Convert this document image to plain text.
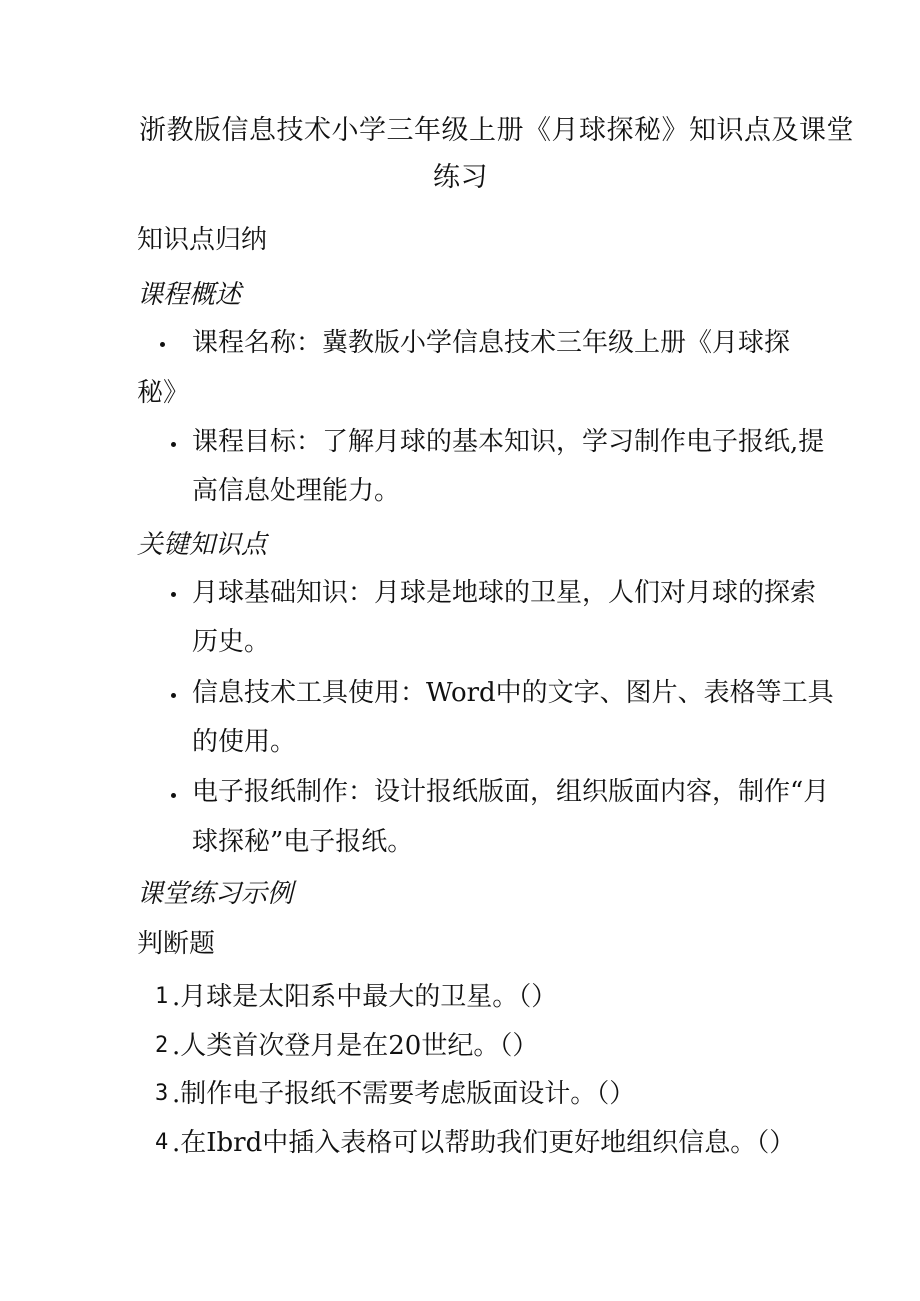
浙教版信息技术小学三年级上册《月球探秘》知识点及课堂
练习
知识点归纳
课程概述
课程名称：冀教版小学信息技术三年级上册《月球探
秘》
课程目标：了解月球的基本知识，学习制作电子报纸,提
高信息处理能力。
关键知识点
月球基础知识：月球是地球的卫星，人们对月球的探索
历史。
信息技术工具使用：Word中的文字、图片、表格等工具
的使用。
电子报纸制作：设计报纸版面，组织版面内容，制作“月
球探秘”电子报纸。
课堂练习示例
判断题
1 .月球是太阳系中最大的卫星。（）
2 .人类首次登月是在20世纪。（）
3 .制作电子报纸不需要考虑版面设计。（）
4 .在Ibrd中插入表格可以帮助我们更好地组织信息。（）
